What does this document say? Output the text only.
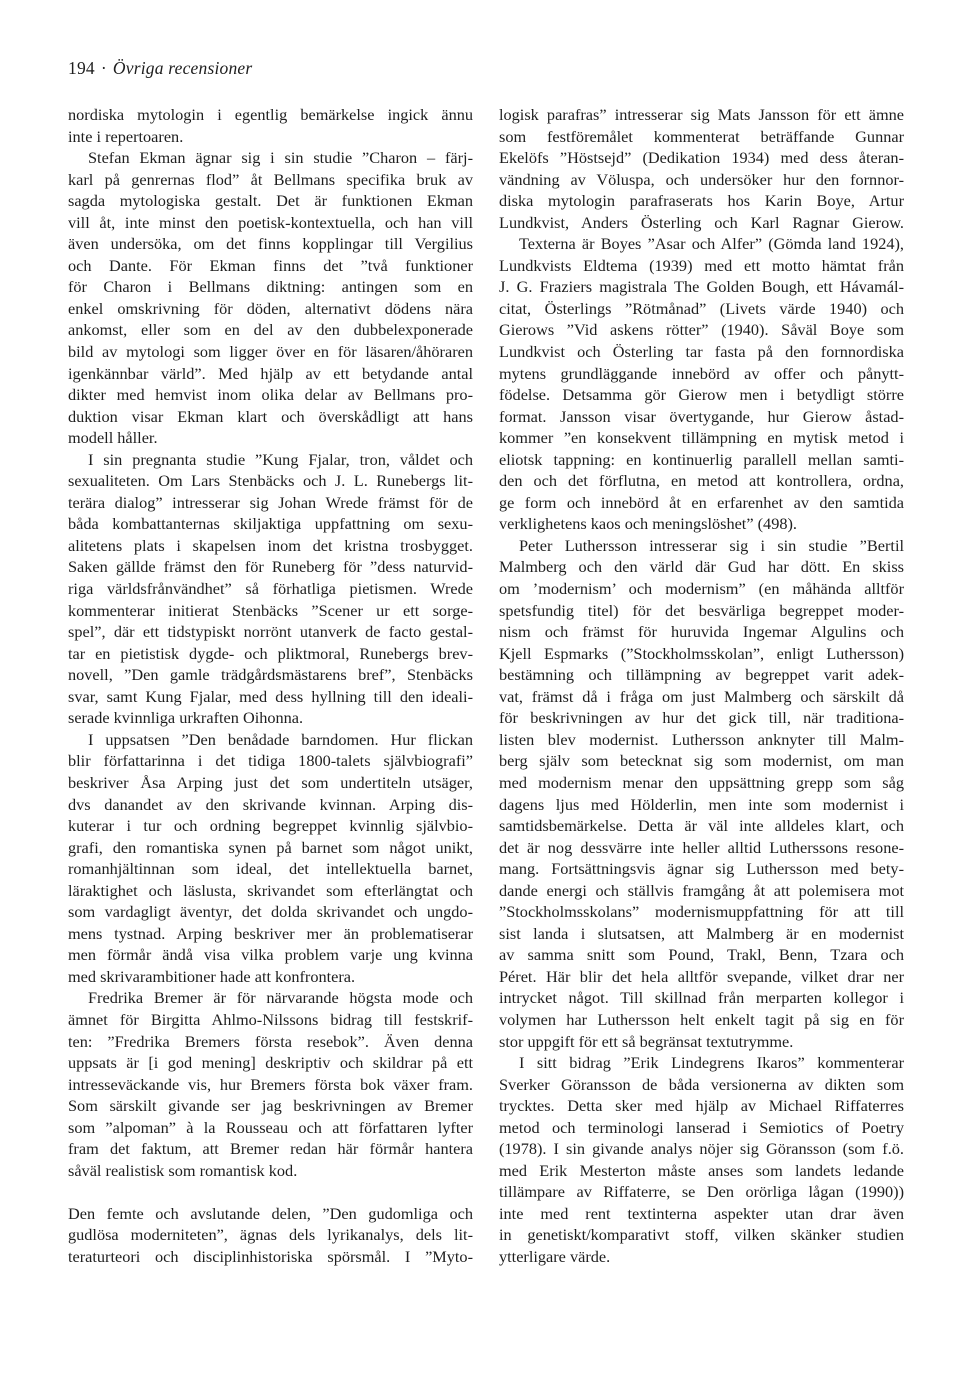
194 · Övriga recensioner
nordiska mytologin i egentlig bemärkelse ingick ännu
inte i repertoaren.
Stefan Ekman ägnar sig i sin studie ”Charon – färj-
karl på genrernas flod” åt Bellmans specifika bruk av
sagda mytologiska gestalt. Det är funktionen Ekman
vill åt, inte minst den poetisk-kontextuella, och han vill
även undersöka, om det finns kopplingar till Vergilius
och Dante. För Ekman finns det ”två funktioner
för Charon i Bellmans diktning: antingen som en
enkel omskrivning för döden, alternativt dödens nära
ankomst, eller som en del av den dubbelexponerade
bild av mytologi som ligger över en för läsaren/åhöraren
igenkännbar värld”. Med hjälp av ett betydande antal
dikter med hemvist inom olika delar av Bellmans pro-
duktion visar Ekman klart och överskådligt att hans
modell håller.
I sin pregnanta studie ”Kung Fjalar, tron, våldet och
sexualiteten. Om Lars Stenbäcks och J. L. Runebergs lit-
terära dialog” intresserar sig Johan Wrede främst för de
båda kombattanternas skiljaktiga uppfattning om sexu-
alitetens plats i skapelsen inom det kristna trosbygget.
Saken gällde främst den för Runeberg för ”dess naturvid-
riga världsfrånvändhet” så förhatliga pietismen. Wrede
kommenterar initierat Stenbäcks ”Scener ur ett sorge-
spel”, där ett tidstypiskt norrönt utanverk de facto gestal-
tar en pietistisk dygde- och pliktmoral, Runebergs brev-
novell, ”Den gamle trädgårdsmästarens bref”, Stenbäcks
svar, samt Kung Fjalar, med dess hyllning till den ideali-
serade kvinnliga urkraften Oihonna.
I uppsatsen ”Den benådade barndomen. Hur flickan
blir författarinna i det tidiga 1800-talets självbiografi”
beskriver Åsa Arping just det som undertiteln utsäger,
dvs danandet av den skrivande kvinnan. Arping dis-
kuterar i tur och ordning begreppet kvinnlig självbio-
grafi, den romantiska synen på barnet som något unikt,
romanhjältinnan som ideal, det intellektuella barnet,
läraktighet och läslusta, skrivandet som efterlängtat och
som vardagligt äventyr, det dolda skrivandet och ungdo-
mens tystnad. Arping beskriver mer än problematiserar
men förmår ändå visa vilka problem varje ung kvinna
med skrivarambitioner hade att konfrontera.
Fredrika Bremer är för närvarande högsta mode och
ämnet för Birgitta Ahlmo-Nilssons bidrag till festskrif-
ten: ”Fredrika Bremers första resebok”. Även denna
uppsats är [i god mening] deskriptiv och skildrar på ett
intresseväckande vis, hur Bremers första bok växer fram.
Som särskilt givande ser jag beskrivningen av Bremer
som ”alpoman” à la Rousseau och att författaren lyfter
fram det faktum, att Bremer redan här förmår hantera
såväl realistisk som romantisk kod.
Den femte och avslutande delen, ”Den gudomliga och
gudlösa moderniteten”, ägnas dels lyrikanalys, dels lit-
teraturteori och disciplinhistoriska spörsmål. I ”Myto-
logisk parafras” intresserar sig Mats Jansson för ett ämne
som festföremålet kommenterat beträffande Gunnar
Ekelöfs ”Höstsejd” (Dedikation 1934) med dess återan-
vändning av Völuspa, och undersöker hur den fornnor-
diska mytologin parafraserats hos Karin Boye, Artur
Lundkvist, Anders Österling och Karl Ragnar Gierow.
Texterna är Boyes ”Asar och Alfer” (Gömda land 1924),
Lundkvists Eldtema (1939) med ett motto hämtat från
J. G. Fraziers magistrala The Golden Bough, ett Hávamál-
citat, Österlings ”Rötmånad” (Livets värde 1940) och
Gierows ”Vid askens rötter” (1940). Såväl Boye som
Lundkvist och Österling tar fasta på den fornnordiska
mytens grundläggande innebörd av offer och pånytt-
födelse. Detsamma gör Gierow men i betydligt större
format. Jansson visar övertygande, hur Gierow åstad-
kommer ”en konsekvent tillämpning en mytisk metod i
eliotsk tappning: en kontinuerlig parallell mellan samti-
den och det förflutna, en metod att kontrollera, ordna,
ge form och innebörd åt en erfarenhet av den samtida
verklighetens kaos och meningslöshet” (498).
Peter Luthersson intresserar sig i sin studie ”Bertil
Malmberg och den värld där Gud har dött. En skiss
om ’modernism’ och modernism” (en måhända alltför
spetsfundig titel) för det besvärliga begreppet moder-
nism och främst för huruvida Ingemar Algulins och
Kjell Espmarks (”Stockholmsskolan”, enligt Luthersson)
bestämning och tillämpning av begreppet varit adek-
vat, främst då i fråga om just Malmberg och särskilt då
för beskrivningen av hur det gick till, när traditiona-
listen blev modernist. Luthersson anknyter till Malm-
berg själv som betecknat sig som modernist, om man
med modernism menar den uppsättning grepp som såg
dagens ljus med Hölderlin, men inte som modernist i
samtidsbemärkelse. Detta är väl inte alldeles klart, och
det är nog dessvärre inte heller alltid Lutherssons resone-
mang. Fortsättningsvis ägnar sig Luthersson med bety-
dande energi och ställvis framgång åt att polemisera mot
”Stockholmsskolans” modernismuppfattning för att till
sist landa i slutsatsen, att Malmberg är en modernist
av samma snitt som Pound, Trakl, Benn, Tzara och
Péret. Här blir det hela alltför svepande, vilket drar ner
intrycket något. Till skillnad från merparten kollegor i
volymen har Luthersson helt enkelt tagit på sig en för
stor uppgift för ett så begränsat textutrymme.
I sitt bidrag ”Erik Lindegrens Ikaros” kommenterar
Sverker Göransson de båda versionerna av dikten som
trycktes. Detta sker med hjälp av Michael Riffaterres
metod och terminologi lanserad i Semiotics of Poetry
(1978). I sin givande analys nöjer sig Göransson (som f.ö.
med Erik Mesterton måste anses som landets ledande
tillämpare av Riffaterre, se Den orörliga lågan (1990))
inte med rent textinterna aspekter utan drar även
in genetiskt/komparativt stoff, vilken skänker studien
ytterligare värde.
